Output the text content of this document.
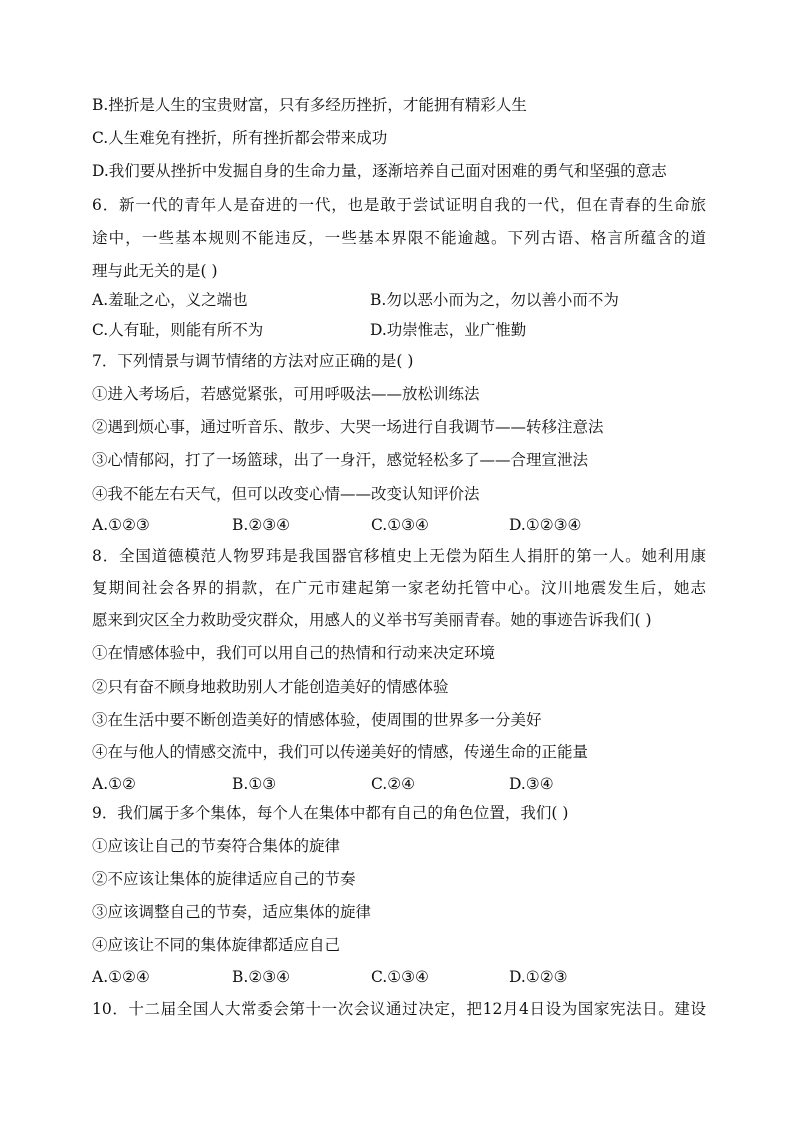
B.挫折是人生的宝贵财富，只有多经历挫折，才能拥有精彩人生
C.人生难免有挫折，所有挫折都会带来成功
D.我们要从挫折中发掘自身的生命力量，逐渐培养自己面对困难的勇气和坚强的意志
6．新一代的青年人是奋进的一代，也是敢于尝试证明自我的一代，但在青春的生命旅
途中，一些基本规则不能违反，一些基本界限不能逾越。下列古语、格言所蕴含的道
理与此无关的是( )
A.羞耻之心，义之端也	B.勿以恶小而为之，勿以善小而不为
C.人有耻，则能有所不为	D.功崇惟志，业广惟勤
7．下列情景与调节情绪的方法对应正确的是( )
①进入考场后，若感觉紧张，可用呼吸法——放松训练法
②遇到烦心事，通过听音乐、散步、大哭一场进行自我调节——转移注意法
③心情郁闷，打了一场篮球，出了一身汗，感觉轻松多了——合理宣泄法
④我不能左右天气，但可以改变心情——改变认知评价法
A.①②③	B.②③④	C.①③④	D.①②③④
8．全国道德模范人物罗玮是我国器官移植史上无偿为陌生人捐肝的第一人。她利用康
复期间社会各界的捐款，在广元市建起第一家老幼托管中心。汶川地震发生后，她志
愿来到灾区全力救助受灾群众，用感人的义举书写美丽青春。她的事迹告诉我们( )
①在情感体验中，我们可以用自己的热情和行动来决定环境
②只有奋不顾身地救助别人才能创造美好的情感体验
③在生活中要不断创造美好的情感体验，使周围的世界多一分美好
④在与他人的情感交流中，我们可以传递美好的情感，传递生命的正能量
A.①②	B.①③	C.②④	D.③④
9．我们属于多个集体，每个人在集体中都有自己的角色位置，我们( )
①应该让自己的节奏符合集体的旋律
②不应该让集体的旋律适应自己的节奏
③应该调整自己的节奏，适应集体的旋律
④应该让不同的集体旋律都适应自己
A.①②④	B.②③④	C.①③④	D.①②③
10．十二届全国人大常委会第十一次会议通过决定，把12月4日设为国家宪法日。建设
